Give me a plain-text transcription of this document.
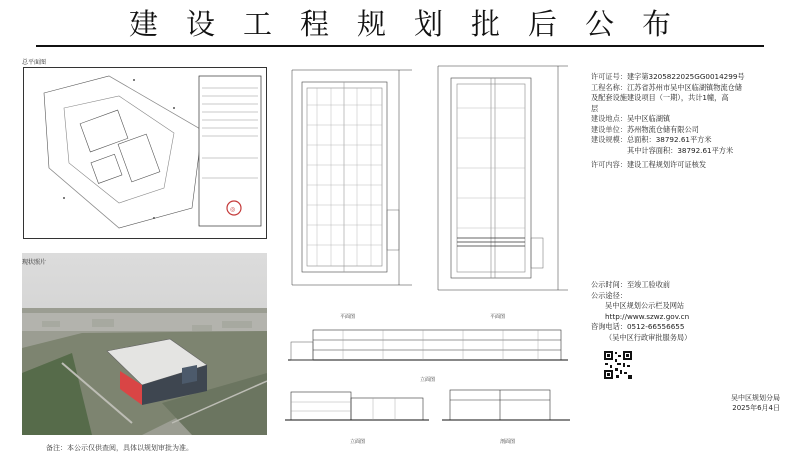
建设工程规划批后公布
总平面图
◎
现状照片
备注：本公示仅供查阅，具体以规划审批为准。
平面图	平面图
立面图
立面图	剖面图
许可证号：建字第3205822025GG0014299号
工程名称：江苏省苏州市吴中区临湖镇物流仓储
及配套设施建设项目（一期），共计1幢，高
层
建设地点：吴中区临湖镇
建设单位：苏州物流仓储有限公司
建设规模：总面积：38792.61平方米
其中计容面积：38792.61平方米
许可内容：建设工程规划许可证核发
公示时间：至竣工验收前
公示途径：
吴中区规划公示栏及网站
http://www.szwz.gov.cn
咨询电话：0512-66556655
（吴中区行政审批服务局）
吴中区规划分局
2025年6月4日
